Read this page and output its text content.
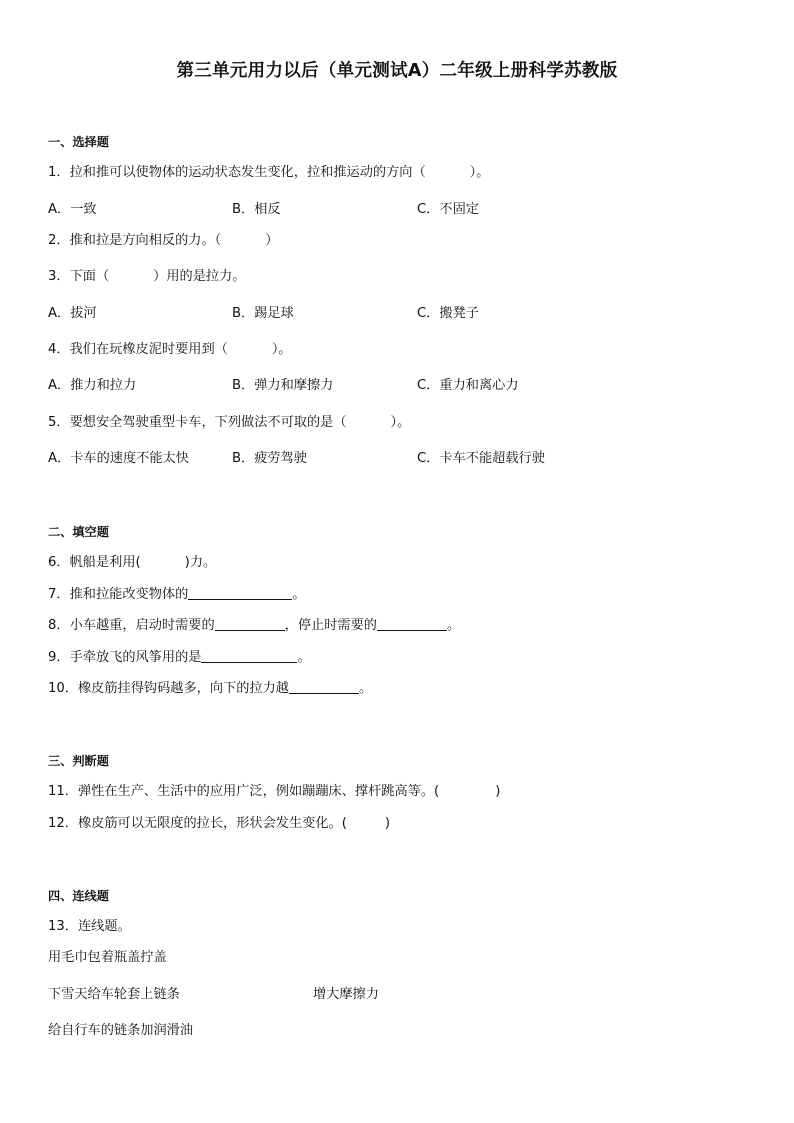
第三单元用力以后（单元测试A）二年级上册科学苏教版
一、选择题
1．拉和推可以使物体的运动状态发生变化，拉和推运动的方向（	）。
A．一致	B．相反	C．不固定
2．推和拉是方向相反的力。（	）
3．下面（	）用的是拉力。
A．拔河	B．踢足球	C．搬凳子
4．我们在玩橡皮泥时要用到（	）。
A．推力和拉力	B．弹力和摩擦力	C．重力和离心力
5．要想安全驾驶重型卡车，下列做法不可取的是（	）。
A．卡车的速度不能太快	B．疲劳驾驶	C．卡车不能超载行驶
二、填空题
6．帆船是利用(	)力。
7．推和拉能改变物体的	。
8．小车越重，启动时需要的	，停止时需要的	。
9．手牵放飞的风筝用的是	。
10．橡皮筋挂得钩码越多，向下的拉力越	。
三、判断题
11．弹性在生产、生活中的应用广泛，例如蹦蹦床、撑杆跳高等。(	)
12．橡皮筋可以无限度的拉长，形状会发生变化。(	)
四、连线题
13．连线题。
用毛巾包着瓶盖拧盖
下雪天给车轮套上链条	增大摩擦力
给自行车的链条加润滑油
